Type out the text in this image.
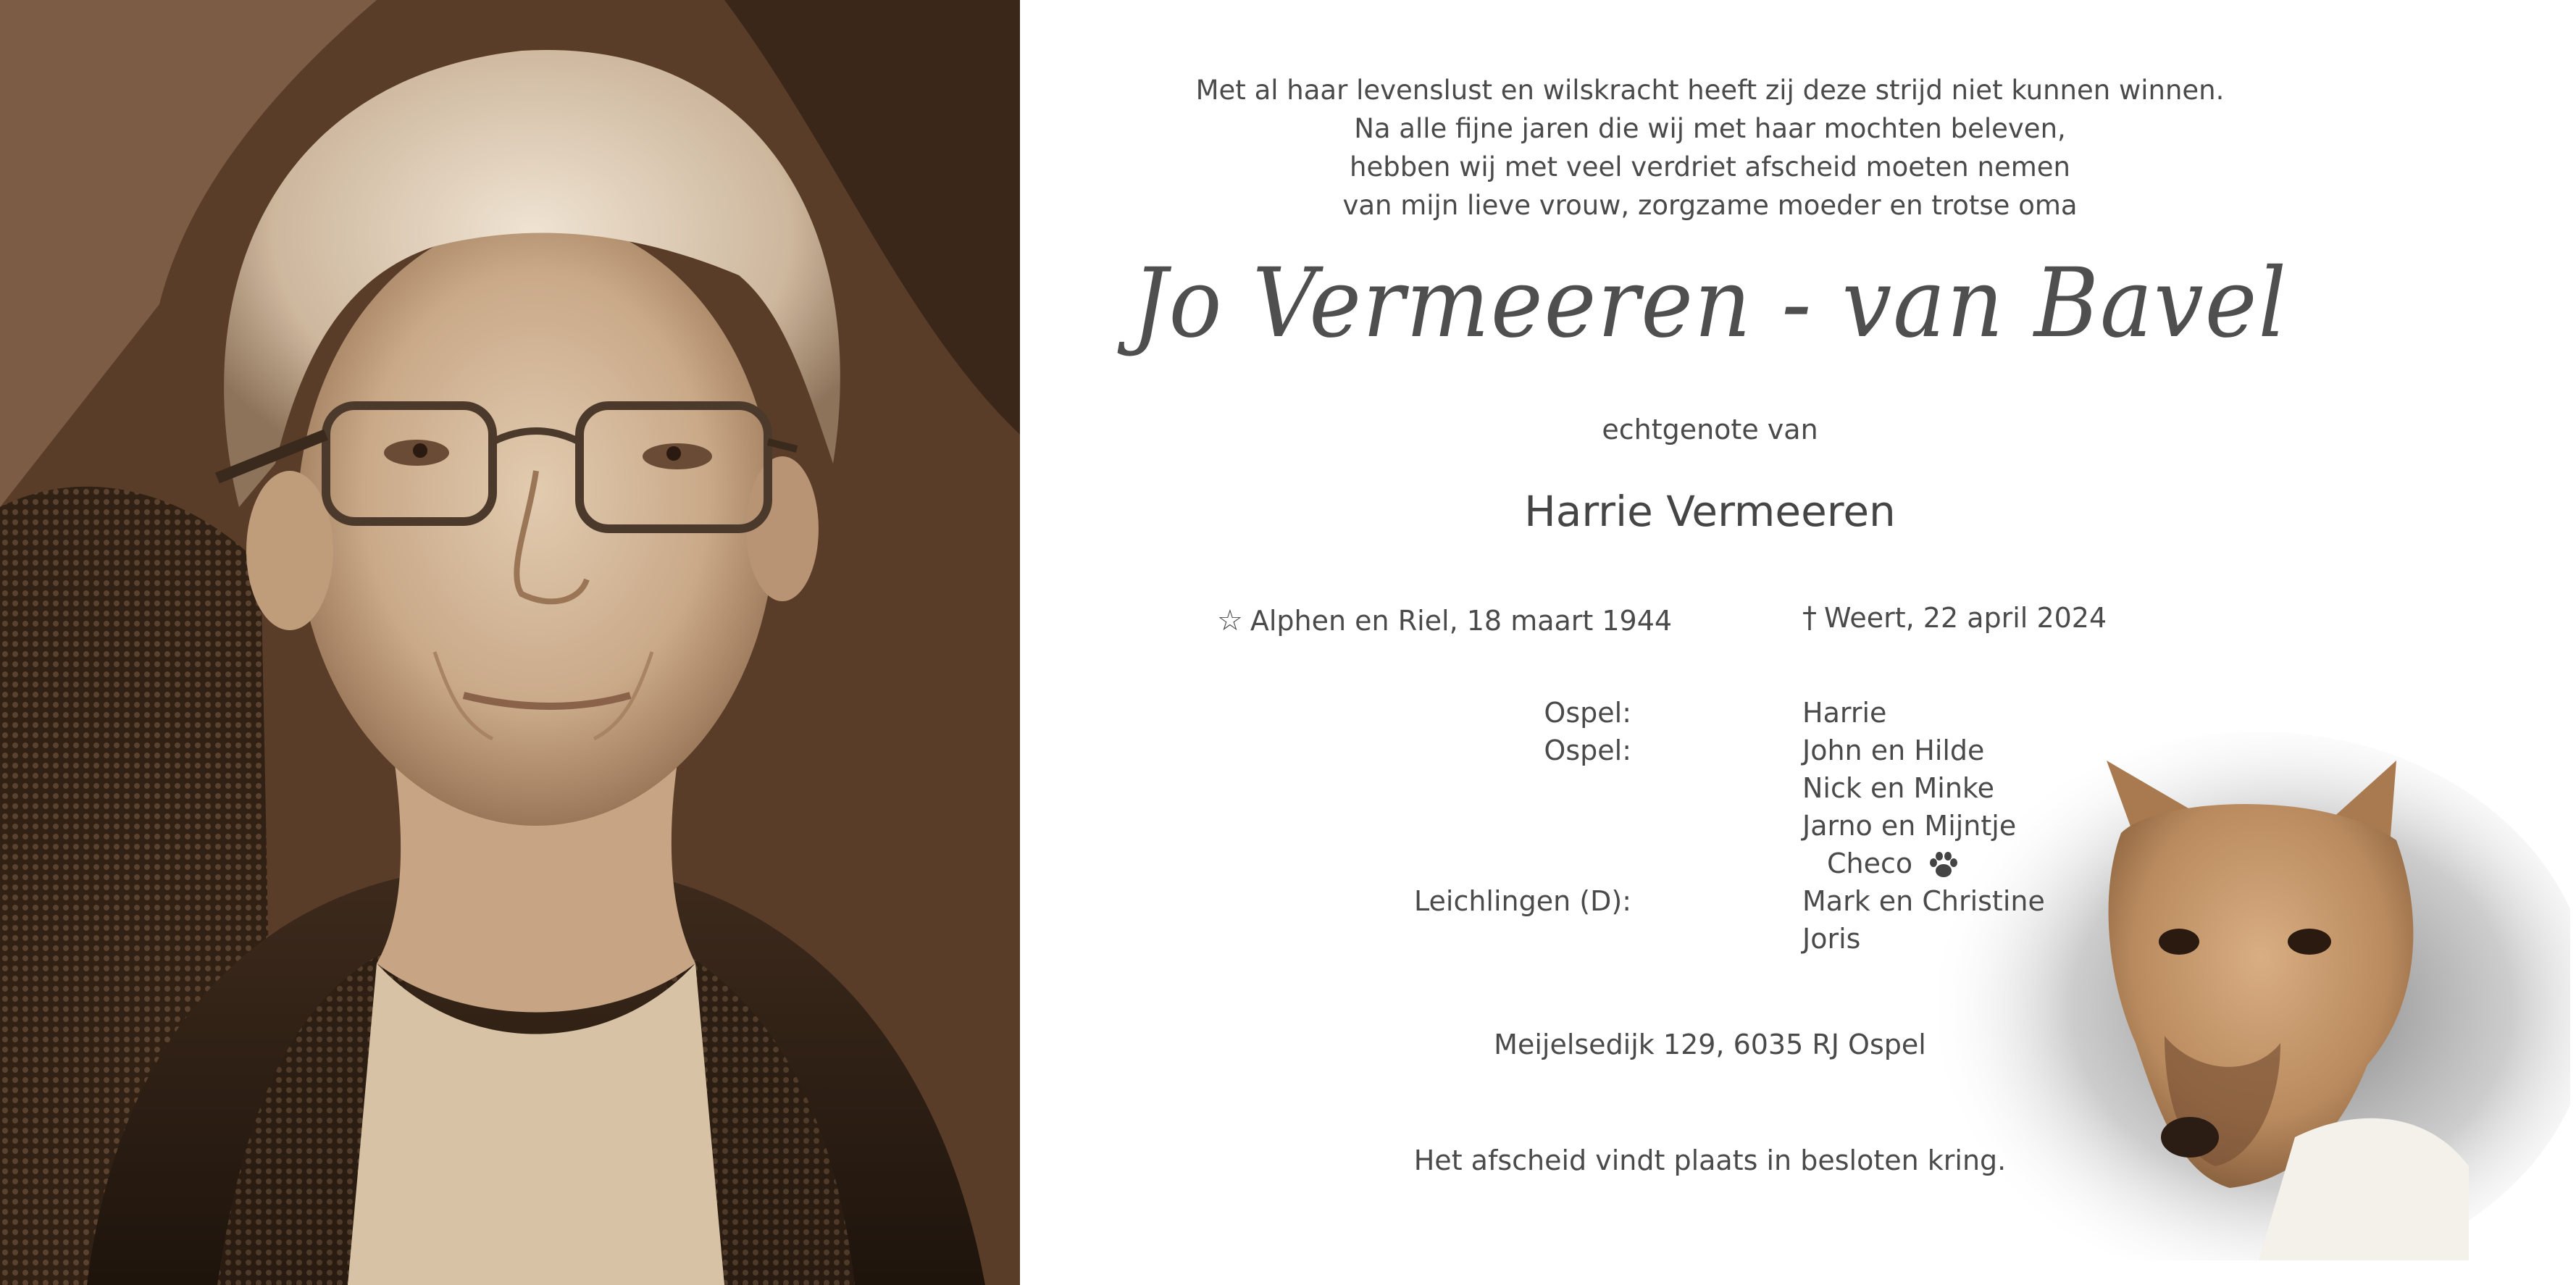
Met al haar levenslust en wilskracht heeft zij deze strijd niet kunnen winnen.
Na alle fijne jaren die wij met haar mochten beleven,
hebben wij met veel verdriet afscheid moeten nemen
van mijn lieve vrouw, zorgzame moeder en trotse oma
Jo Vermeeren - van Bavel
echtgenote van
Harrie Vermeeren
☆ Alphen en Riel, 18 maart 1944	† Weert, 22 april 2024
Ospel:
Ospel:
Leichlingen (D):
Harrie
John en Hilde
Nick en Minke
Jarno en Mijntje
Checo
Mark en Christine
Joris
Meijelsedijk 129, 6035 RJ Ospel
Het afscheid vindt plaats in besloten kring.
